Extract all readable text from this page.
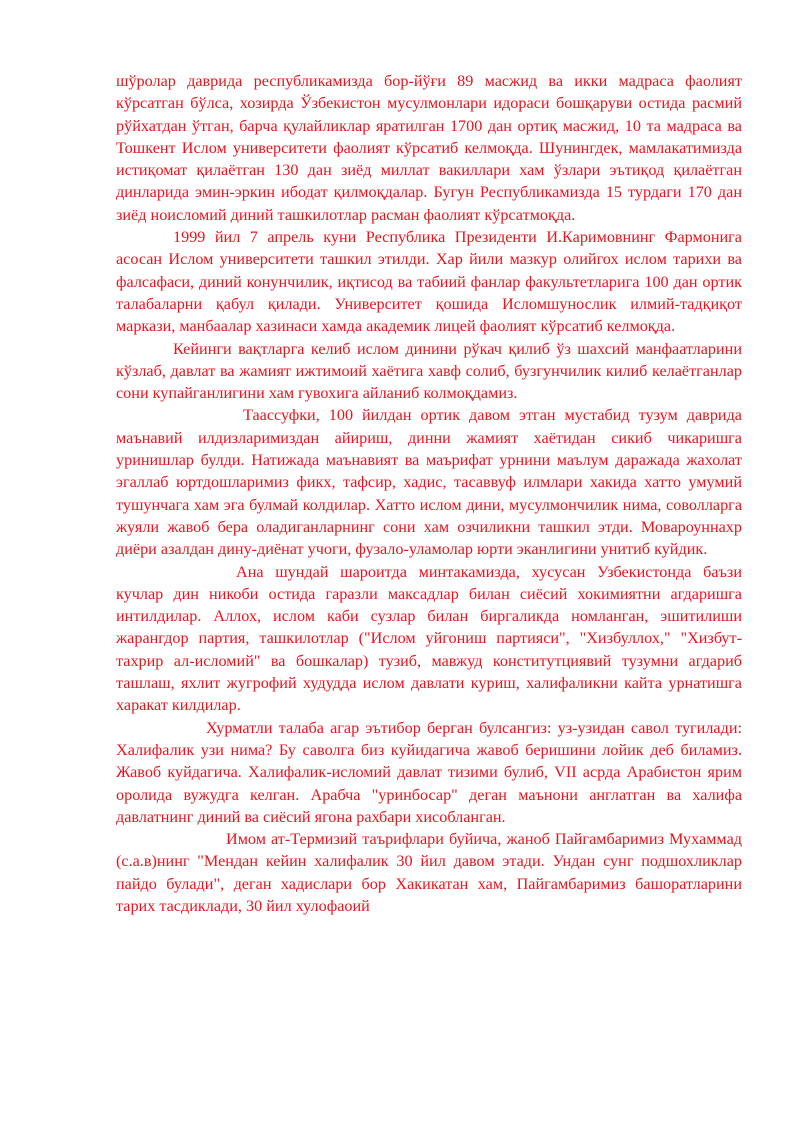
шўролар даврида республикамизда бор-йўғи 89 масжид ва икки мадраса фаолият кўрсатган бўлса, хозирда Ўзбекистон мусулмонлари идораси бошқаруви остида расмий рўйхатдан ўтган, барча қулайликлар яратилган 1700 дан ортиқ масжид, 10 та мадраса ва Тошкент Ислом университети фаолият кўрсатиб келмоқда. Шунингдек, мамлакатимизда истиқомат қилаётган 130 дан зиёд миллат вакиллари хам ўзлари эътиқод қилаётган динларида эмин-эркин ибодат қилмоқдалар. Бугун Республикамизда 15 турдаги 170 дан зиёд ноисломий диний ташкилотлар расман фаолият кўрсатмоқда.

1999 йил 7 апрель куни Республика Президенти И.Каримовнинг Фармонига асосан Ислом университети ташкил этилди. Хар йили мазкур олийгох ислом тарихи ва фалсафаси, диний конунчилик, иқтисод ва табиий фанлар факультетларига 100 дан ортик талабаларни қабул қилади. Университет қошида Исломшунослик илмий-тадқиқот маркази, манбаалар хазинаси хамда академик лицей фаолият кўрсатиб келмоқда.

Кейинги вақтларга келиб ислом динини рўкач қилиб ўз шахсий манфаатларини кўзлаб, давлат ва жамият ижтимоий хаётига хавф солиб, бузгунчилик килиб келаётганлар сони купайганлигини хам гувохига айланиб колмоқдамиз.

Таассуфки, 100 йилдан ортик давом этган мустабид тузум даврида маънавий илдизларимиздан айириш, динни жамият хаётидан сикиб чикаришга уринишлар булди. Натижада маънавият ва маърифат урнини маълум даражада жахолат эгаллаб юртдошларимиз фикх, тафсир, хадис, тасаввуф илмлари хакида хатто умумий тушунчага хам эга булмай колдилар. Хатто ислом дини, мусулмончилик нима, соволларга жуяли жавоб бера оладиганларнинг сони хам озчиликни ташкил этди. Мовароуннахр диёри азалдан дину-диёнат учоги, фузало-уламолар юрти эканлигини унитиб куйдик.

Ана шундай шароитда минтакамизда, хусусан Узбекистонда баъзи кучлар дин никоби остида гаразли максадлар билан сиёсий хокимиятни агдаришга интилдилар. Аллох, ислом каби сузлар билан биргаликда номланган, эшитилиши жарангдор партия, ташкилотлар ("Ислом уйгониш партияси", "Хизбуллох," "Хизбут-тахрир ал-исломий" ва бошкалар) тузиб, мавжуд конститутциявий тузумни агдариб ташлаш, яхлит жугрофий худудда ислом давлати куриш, халифаликни кайта урнатишга харакат килдилар.

Хурматли талаба агар эътибор берган булсангиз: уз-узидан савол тугилади: Халифалик узи нима? Бу саволга биз куйидагича жавоб беришини лойик деб биламиз. Жавоб куйдагича. Халифалик-исломий давлат тизими булиб, VII асрда Арабистон ярим оролида вужудга келган. Арабча "уринбосар" деган маънони англатган ва халифа давлатнинг диний ва сиёсий ягона рахбари хисобланган.

Имом ат-Термизий таърифлари буйича, жаноб Пайгамбаримиз Мухаммад (с.а.в)нинг "Мендан кейин халифалик 30 йил давом этади. Ундан сунг подшохликлар пайдо булади", деган хадислари бор Хакикатан хам, Пайгамбаримиз башоратларини тарих тасдиклади, 30 йил хулофаоий
